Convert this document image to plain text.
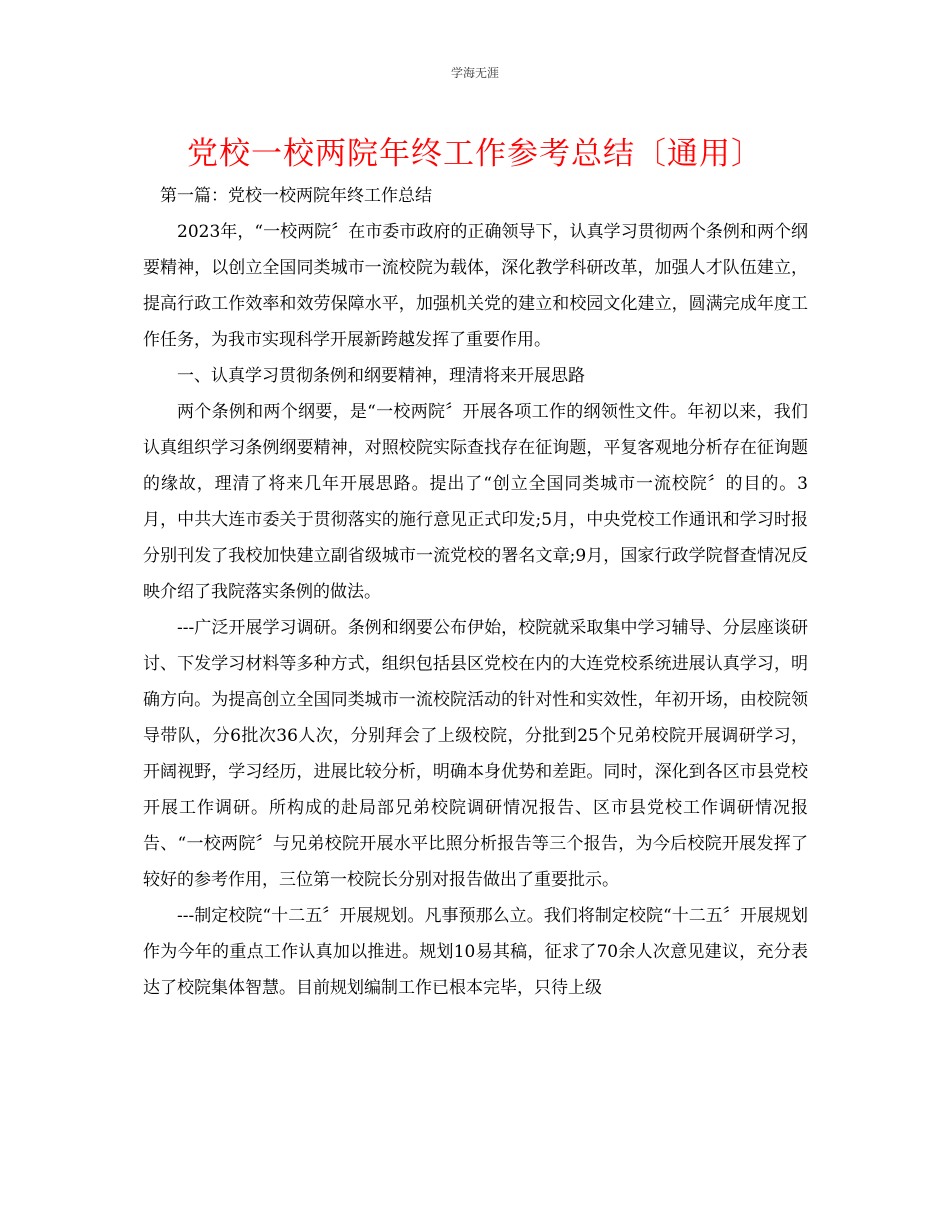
学海无涯
党校一校两院年终工作参考总结〔通用〕

第一篇：党校一校两院年终工作总结

2023年，“一校两院〞在市委市政府的正确领导下，认真学习贯彻两个条例和两个纲要精神，以创立全国同类城市一流校院为载体，深化教学科研改革，加强人才队伍建立，提高行政工作效率和效劳保障水平，加强机关党的建立和校园文化建立，圆满完成年度工作任务，为我市实现科学开展新跨越发挥了重要作用。

一、认真学习贯彻条例和纲要精神，理清将来开展思路

两个条例和两个纲要，是“一校两院〞开展各项工作的纲领性文件。年初以来，我们认真组织学习条例纲要精神，对照校院实际查找存在征询题，平复客观地分析存在征询题的缘故，理清了将来几年开展思路。提出了“创立全国同类城市一流校院〞的目的。3月，中共大连市委关于贯彻落实的施行意见正式印发;5月，中央党校工作通讯和学习时报分别刊发了我校加快建立副省级城市一流党校的署名文章;9月，国家行政学院督查情况反映介绍了我院落实条例的做法。

---广泛开展学习调研。条例和纲要公布伊始，校院就采取集中学习辅导、分层座谈研讨、下发学习材料等多种方式，组织包括县区党校在内的大连党校系统进展认真学习，明确方向。为提高创立全国同类城市一流校院活动的针对性和实效性，年初开场，由校院领导带队，分6批次36人次，分别拜会了上级校院，分批到25个兄弟校院开展调研学习，开阔视野，学习经历，进展比较分析，明确本身优势和差距。同时，深化到各区市县党校开展工作调研。所构成的赴局部兄弟校院调研情况报告、区市县党校工作调研情况报告、“一校两院〞与兄弟校院开展水平比照分析报告等三个报告，为今后校院开展发挥了较好的参考作用，三位第一校院长分别对报告做出了重要批示。

---制定校院“十二五〞开展规划。凡事预那么立。我们将制定校院“十二五〞开展规划作为今年的重点工作认真加以推进。规划10易其稿，征求了70余人次意见建议，充分表达了校院集体智慧。目前规划编制工作已根本完毕，只待上级
